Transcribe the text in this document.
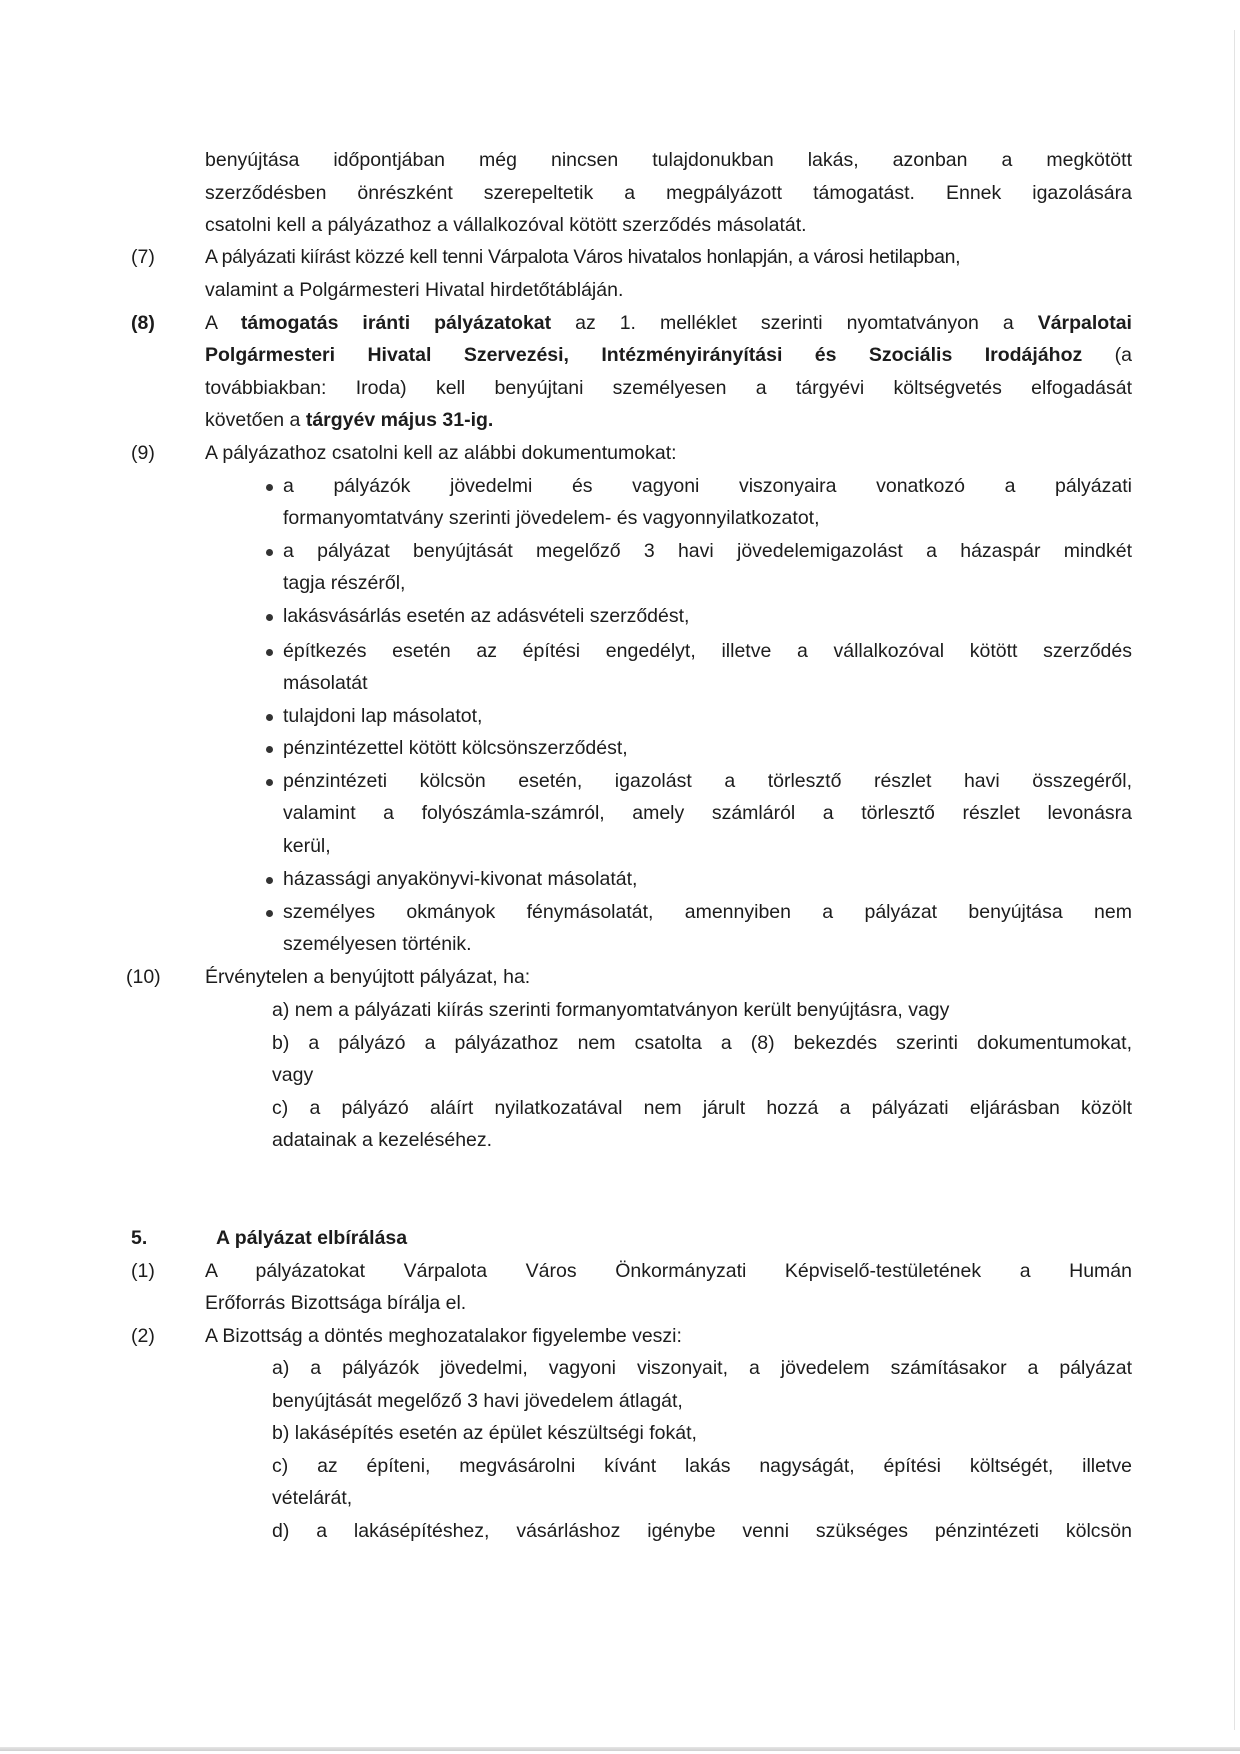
benyújtása időpontjában még nincsen tulajdonukban lakás, azonban a megkötött
szerződésben önrészként szerepeltetik a megpályázott támogatást. Ennek igazolására
csatolni kell a pályázathoz a vállalkozóval kötött szerződés másolatát.
(7)	A pályázati kiírást közzé kell tenni Várpalota Város hivatalos honlapján, a városi hetilapban,
valamint a Polgármesteri Hivatal hirdetőtábláján.
(8)	A támogatás iránti pályázatokat az 1. melléklet szerinti nyomtatványon a Várpalotai
Polgármesteri Hivatal Szervezési, Intézményirányítási és Szociális Irodájához (a
továbbiakban: Iroda) kell benyújtani személyesen a tárgyévi költségvetés elfogadását
követően a tárgyév május 31-ig.
(9)	A pályázathoz csatolni kell az alábbi dokumentumokat:
a pályázók jövedelmi és vagyoni viszonyaira vonatkozó a pályázati
formanyomtatvány szerinti jövedelem- és vagyonnyilatkozatot,
a pályázat benyújtását megelőző 3 havi jövedelemigazolást a házaspár mindkét
tagja részéről,
lakásvásárlás esetén az adásvételi szerződést,
építkezés esetén az építési engedélyt, illetve a vállalkozóval kötött szerződés
másolatát
tulajdoni lap másolatot,
pénzintézettel kötött kölcsönszerződést,
pénzintézeti kölcsön esetén, igazolást a törlesztő részlet havi összegéről,
valamint a folyószámla-számról, amely számláról a törlesztő részlet levonásra
kerül,
házassági anyakönyvi-kivonat másolatát,
személyes okmányok fénymásolatát, amennyiben a pályázat benyújtása nem
személyesen történik.
(10) Érvénytelen a benyújtott pályázat, ha:
a) nem a pályázati kiírás szerinti formanyomtatványon került benyújtásra, vagy
b) a pályázó a pályázathoz nem csatolta a (8) bekezdés szerinti dokumentumokat,
vagy
c) a pályázó aláírt nyilatkozatával nem járult hozzá a pályázati eljárásban közölt
adatainak a kezeléséhez.
5.	A pályázat elbírálása
(1)	A pályázatokat Várpalota Város Önkormányzati Képviselő-testületének a Humán
Erőforrás Bizottsága bírálja el.
(2)	A Bizottság a döntés meghozatalakor figyelembe veszi:
a) a pályázók jövedelmi, vagyoni viszonyait, a jövedelem számításakor a pályázat
benyújtását megelőző 3 havi jövedelem átlagát,
b) lakásépítés esetén az épület készültségi fokát,
c) az építeni, megvásárolni kívánt lakás nagyságát, építési költségét, illetve
vételárát,
d) a lakásépítéshez, vásárláshoz igénybe venni szükséges pénzintézeti kölcsön
